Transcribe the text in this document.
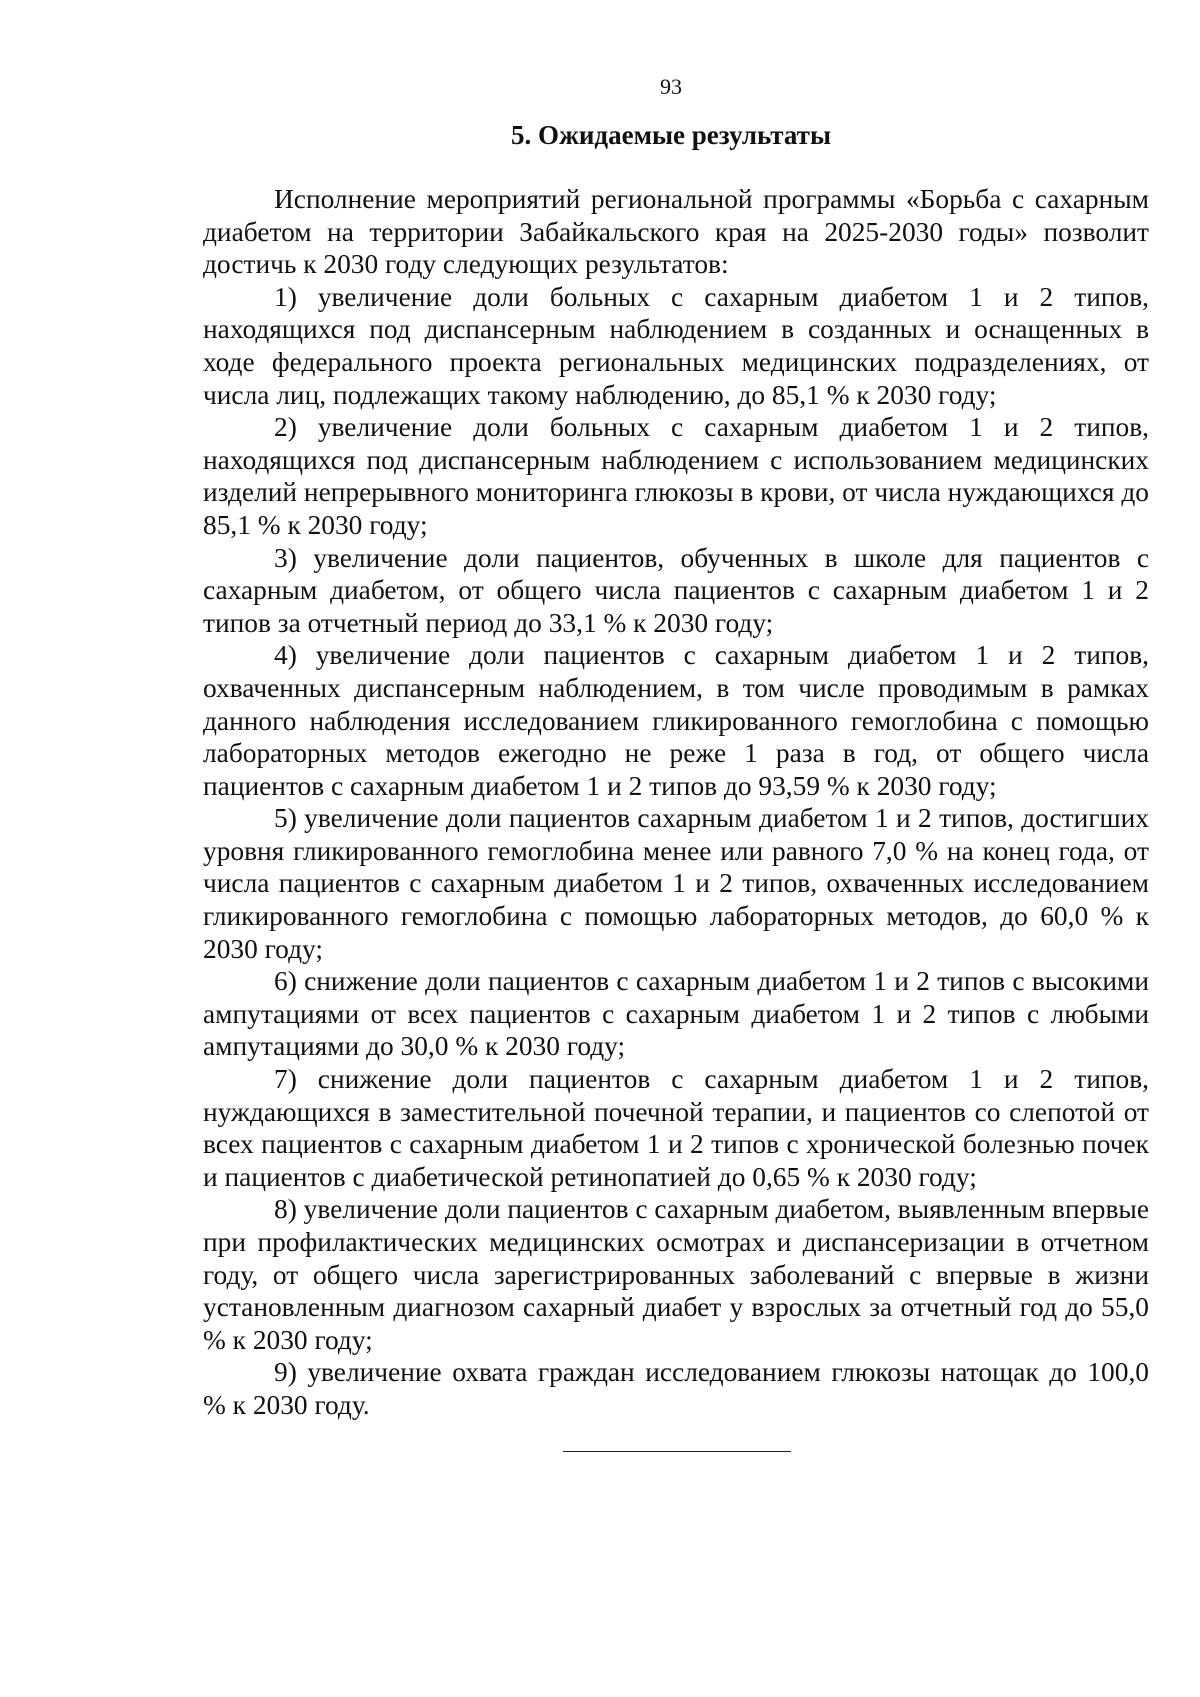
93
5. Ожидаемые результаты

Исполнение мероприятий региональной программы «Борьба с сахарным диабетом на территории Забайкальского края на 2025-2030 годы» позволит достичь к 2030 году следующих результатов:

1) увеличение доли больных с сахарным диабетом 1 и 2 типов, находящихся под диспансерным наблюдением в созданных и оснащенных в ходе федерального проекта региональных медицинских подразделениях, от числа лиц, подлежащих такому наблюдению, до 85,1 % к 2030 году;

2) увеличение доли больных с сахарным диабетом 1 и 2 типов, находящихся под диспансерным наблюдением с использованием медицинских изделий непрерывного мониторинга глюкозы в крови, от числа нуждающихся до 85,1 % к 2030 году;

3) увеличение доли пациентов, обученных в школе для пациентов с сахарным диабетом, от общего числа пациентов с сахарным диабетом 1 и 2 типов за отчетный период до 33,1 % к 2030 году;

4) увеличение доли пациентов с сахарным диабетом 1 и 2 типов, охваченных диспансерным наблюдением, в том числе проводимым в рамках данного наблюдения исследованием гликированного гемоглобина с помощью лабораторных методов ежегодно не реже 1 раза в год, от общего числа пациентов с сахарным диабетом 1 и 2 типов до 93,59 % к 2030 году;

5) увеличение доли пациентов сахарным диабетом 1 и 2 типов, достигших уровня гликированного гемоглобина менее или равного 7,0 % на конец года, от числа пациентов с сахарным диабетом 1 и 2 типов, охваченных исследованием гликированного гемоглобина с помощью лабораторных методов, до 60,0 % к 2030 году;

6) снижение доли пациентов с сахарным диабетом 1 и 2 типов с высокими ампутациями от всех пациентов с сахарным диабетом 1 и 2 типов с любыми ампутациями до 30,0 % к 2030 году;

7) снижение доли пациентов с сахарным диабетом 1 и 2 типов, нуждающихся в заместительной почечной терапии, и пациентов со слепотой от всех пациентов с сахарным диабетом 1 и 2 типов с хронической болезнью почек и пациентов с диабетической ретинопатией до 0,65 % к 2030 году;

8) увеличение доли пациентов с сахарным диабетом, выявленным впервые при профилактических медицинских осмотрах и диспансеризации в отчетном году, от общего числа зарегистрированных заболеваний с впервые в жизни установленным диагнозом сахарный диабет у взрослых за отчетный год до 55,0 % к 2030 году;

9) увеличение охвата граждан исследованием глюкозы натощак до 100,0 % к 2030 году.
